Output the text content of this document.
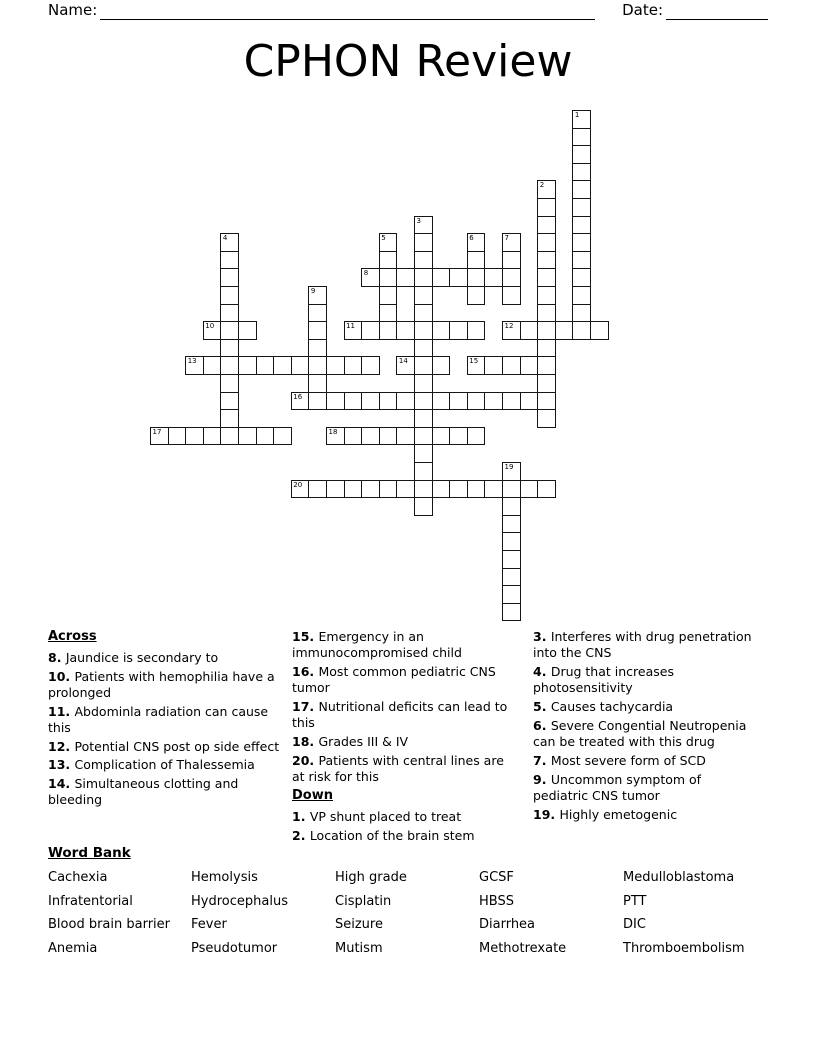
Name:	Date:
CPHON Review
1
2
3
4	5	6	7
8
9
10	11	12
13	14	15
16
17	18
19
20
Across
8. Jaundice is secondary to
10. Patients with hemophilia have a prolonged
11. Abdominla radiation can cause this
12. Potential CNS post op side effect
13. Complication of Thalessemia
14. Simultaneous clotting and bleeding
15. Emergency in an immunocompromised child
16. Most common pediatric CNS tumor
17. Nutritional deficits can lead to this
18. Grades III & IV
20. Patients with central lines are at risk for this
Down
1. VP shunt placed to treat
2. Location of the brain stem
3. Interferes with drug penetration into the CNS
4. Drug that increases photosensitivity
5. Causes tachycardia
6. Severe Congential Neutropenia can be treated with this drug
7. Most severe form of SCD
9. Uncommon symptom of pediatric CNS tumor
19. Highly emetogenic
Word Bank
Cachexia	Hemolysis	High grade	GCSF	Medulloblastoma
Infratentorial	Hydrocephalus	Cisplatin	HBSS	PTT
Blood brain barrier	Fever	Seizure	Diarrhea	DIC
Anemia	Pseudotumor	Mutism	Methotrexate	Thromboembolism
